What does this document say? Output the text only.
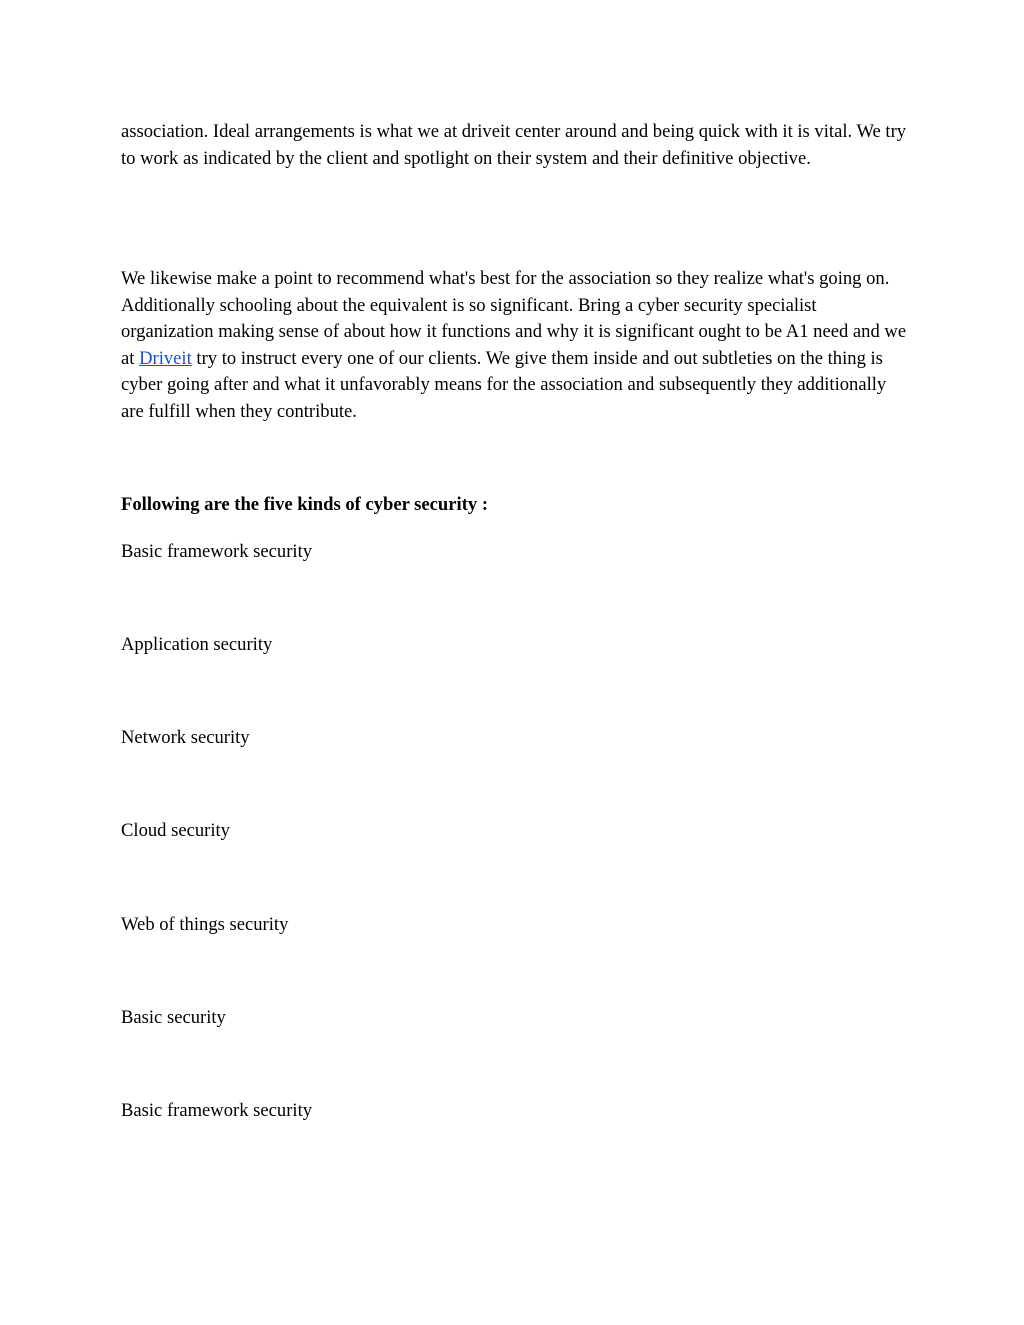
association. Ideal arrangements is what we at driveit center around and being quick with it is vital. We try to work as indicated by the client and spotlight on their system and their definitive objective.

We likewise make a point to recommend what's best for the association so they realize what's going on. Additionally schooling about the equivalent is so significant. Bring a cyber security specialist organization making sense of about how it functions and why it is significant ought to be A1 need and we at Driveit try to instruct every one of our clients. We give them inside and out subtleties on the thing is cyber going after and what it unfavorably means for the association and subsequently they additionally are fulfill when they contribute.

Following are the five kinds of cyber security :

Basic framework security

Application security

Network security

Cloud security

Web of things security

Basic security

Basic framework security
